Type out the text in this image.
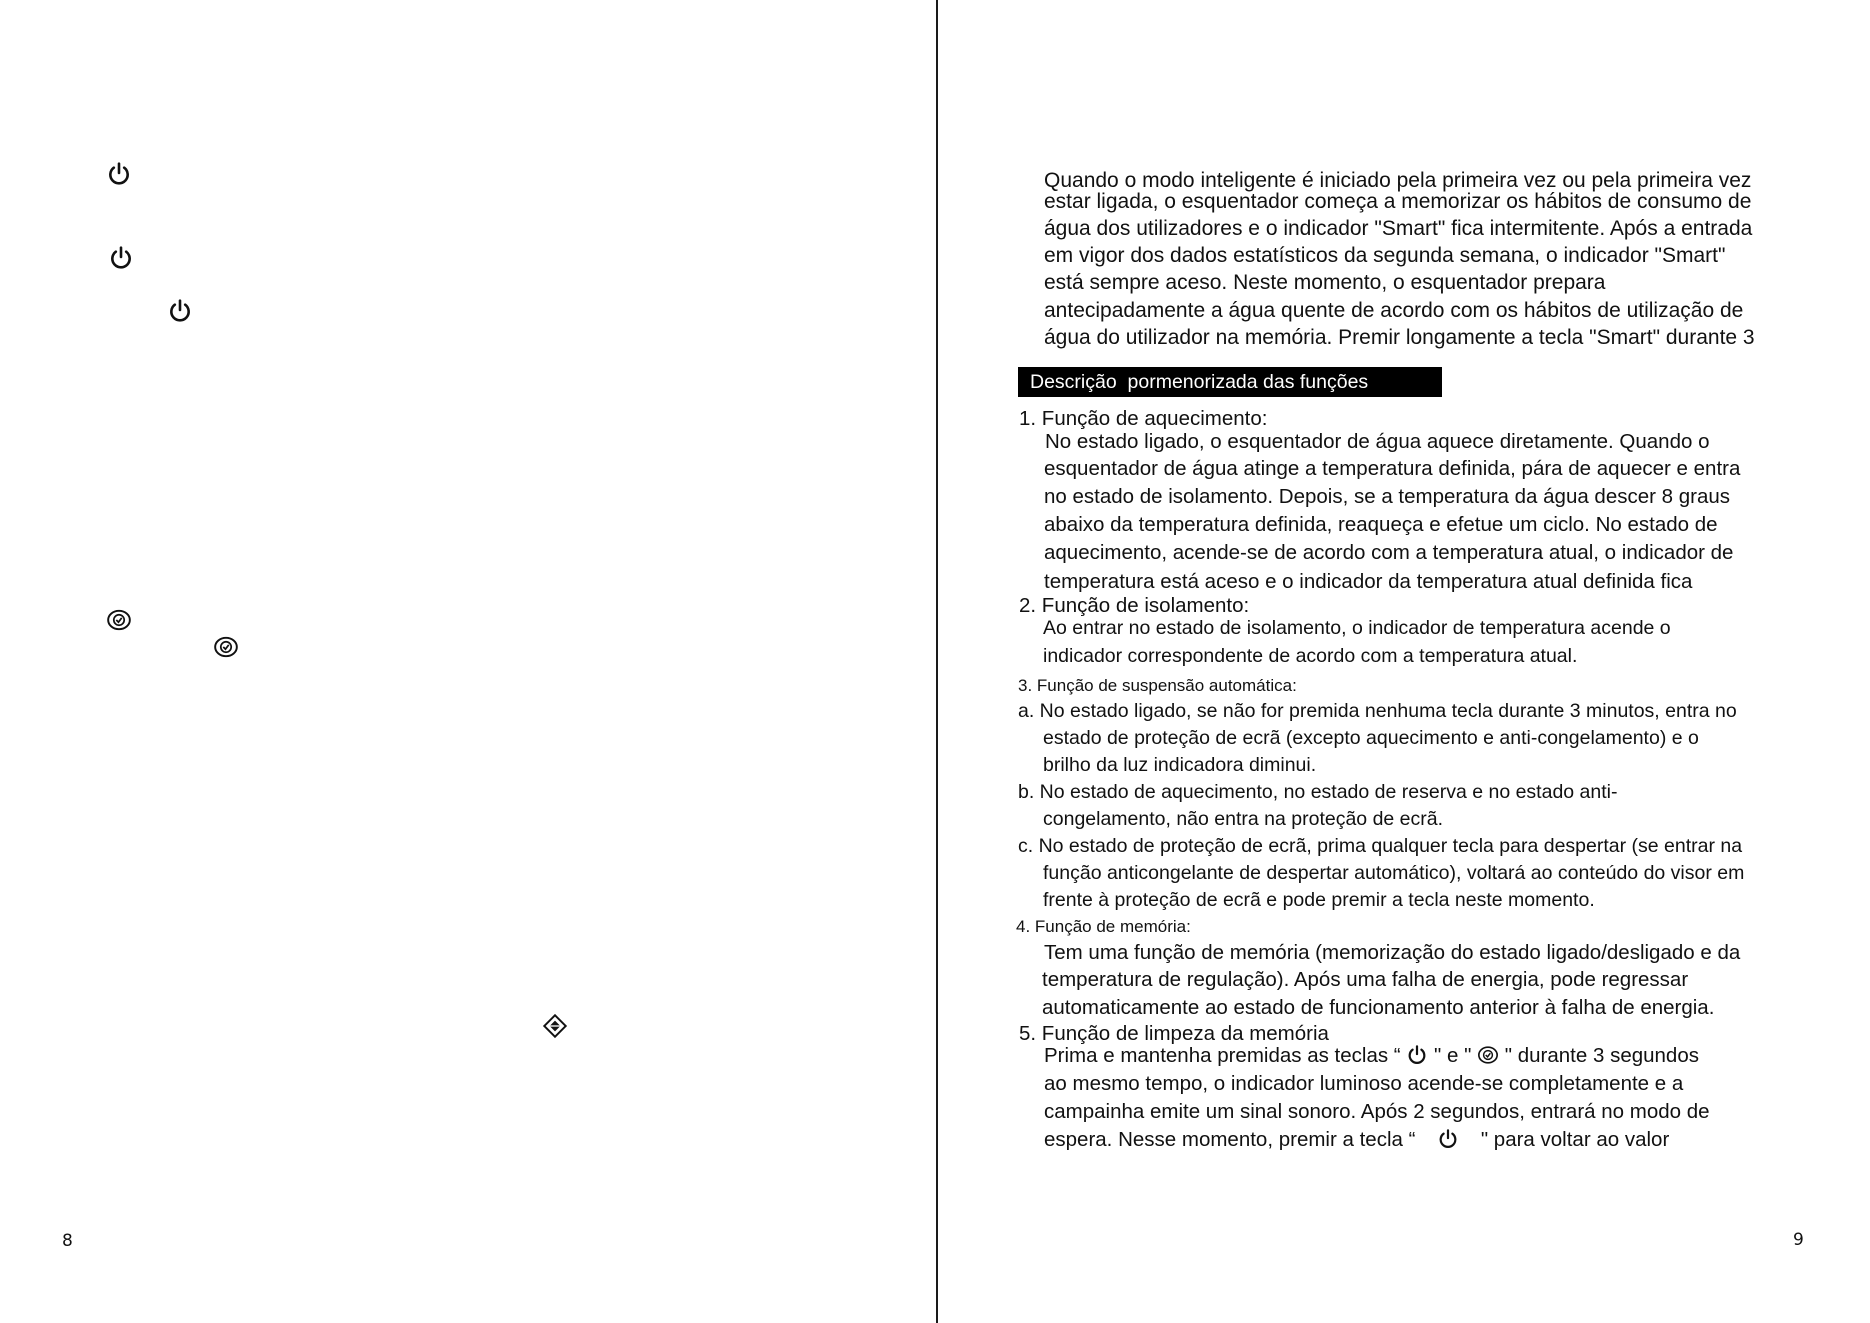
8
Quando o modo inteligente é iniciado pela primeira vez ou pela primeira vez
estar ligada, o esquentador começa a memorizar os hábitos de consumo de
água dos utilizadores e o indicador "Smart" fica intermitente. Após a entrada
em vigor dos dados estatísticos da segunda semana, o indicador "Smart"
está sempre aceso. Neste momento, o esquentador prepara
antecipadamente a água quente de acordo com os hábitos de utilização de
água do utilizador na memória. Premir longamente a tecla "Smart" durante 3
Descrição  pormenorizada das funções
1. Função de aquecimento:
No estado ligado, o esquentador de água aquece diretamente. Quando o
esquentador de água atinge a temperatura definida, pára de aquecer e entra
no estado de isolamento. Depois, se a temperatura da água descer 8 graus
abaixo da temperatura definida, reaqueça e efetue um ciclo. No estado de
aquecimento, acende-se de acordo com a temperatura atual, o indicador de
temperatura está aceso e o indicador da temperatura atual definida fica
2. Função de isolamento:
Ao entrar no estado de isolamento, o indicador de temperatura acende o
indicador correspondente de acordo com a temperatura atual.
3. Função de suspensão automática:
a. No estado ligado, se não for premida nenhuma tecla durante 3 minutos, entra no
estado de proteção de ecrã (excepto aquecimento e anti-congelamento) e o
brilho da luz indicadora diminui.
b. No estado de aquecimento, no estado de reserva e no estado anti-
congelamento, não entra na proteção de ecrã.
c. No estado de proteção de ecrã, prima qualquer tecla para despertar (se entrar na
função anticongelante de despertar automático), voltará ao conteúdo do visor em
frente à proteção de ecrã e pode premir a tecla neste momento.
4. Função de memória:
Tem uma função de memória (memorização do estado ligado/desligado e da
temperatura de regulação). Após uma falha de energia, pode regressar
automaticamente ao estado de funcionamento anterior à falha de energia.
5. Função de limpeza da memória
Prima e mantenha premidas as teclas “
" e "
" durante 3 segundos
ao mesmo tempo, o indicador luminoso acende-se completamente e a
campainha emite um sinal sonoro. Após 2 segundos, entrará no modo de
espera. Nesse momento, premir a tecla “	" para voltar ao valor
9
